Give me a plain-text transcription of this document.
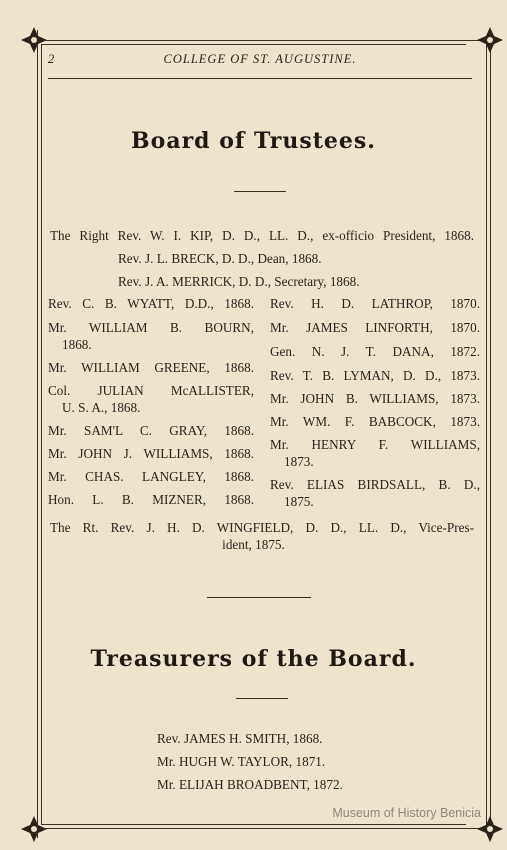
2	COLLEGE OF ST. AUGUSTINE.
Board of Trustees.
The Right Rev. W. I. KIP, D. D., LL. D., ex-officio President, 1868.
Rev. J. L. BRECK, D. D., Dean, 1868.
Rev. J. A. MERRICK, D. D., Secretary, 1868.
Rev. C. B. WYATT, D.D., 1868.
Mr. WILLIAM B. BOURN,
1868.
Mr. WILLIAM GREENE, 1868.
Col. JULIAN McALLISTER,
U. S. A., 1868.
Mr. SAM'L C. GRAY, 1868.
Mr. JOHN J. WILLIAMS, 1868.
Mr. CHAS. LANGLEY, 1868.
Hon. L. B. MIZNER, 1868.
Rev. H. D. LATHROP, 1870.
Mr. JAMES LINFORTH, 1870.
Gen. N. J. T. DANA, 1872.
Rev. T. B. LYMAN, D. D., 1873.
Mr. JOHN B. WILLIAMS, 1873.
Mr. WM. F. BABCOCK, 1873.
Mr. HENRY F. WILLIAMS,
1873.
Rev. ELIAS BIRDSALL, B. D.,
1875.
The Rt. Rev. J. H. D. WINGFIELD, D. D., LL. D., Vice-Pres-
ident, 1875.
Treasurers of the Board.
Rev. JAMES H. SMITH, 1868.
Mr. HUGH W. TAYLOR, 1871.
Mr. ELIJAH BROADBENT, 1872.
Museum of History Benicia
